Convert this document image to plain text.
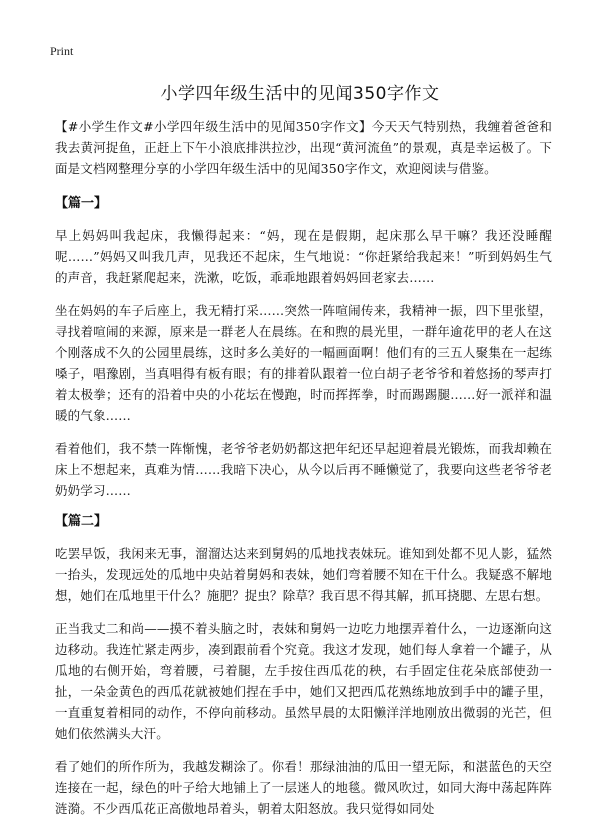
Print
小学四年级生活中的见闻350字作文

【#小学生作文#小学四年级生活中的见闻350字作文】今天天气特别热，我缠着爸爸和我去黄河捉鱼，正赶上下午小浪底排洪拉沙，出现“黄河流鱼”的景观，真是幸运极了。下面是文档网整理分享的小学四年级生活中的见闻350字作文，欢迎阅读与借鉴。

【篇一】

早上妈妈叫我起床，我懒得起来：“妈，现在是假期，起床那么早干嘛？我还没睡醒呢……”妈妈又叫我几声，见我还不起床，生气地说：“你赶紧给我起来！”听到妈妈生气的声音，我赶紧爬起来，洗漱，吃饭，乖乖地跟着妈妈回老家去……

坐在妈妈的车子后座上，我无精打采……突然一阵喧闹传来，我精神一振，四下里张望，寻找着喧闹的来源，原来是一群老人在晨练。在和煦的晨光里，一群年逾花甲的老人在这个刚落成不久的公园里晨练，这时多么美好的一幅画面啊！他们有的三五人聚集在一起练嗓子，唱豫剧，当真唱得有板有眼；有的排着队跟着一位白胡子老爷爷和着悠扬的琴声打着太极拳；还有的沿着中央的小花坛在慢跑，时而挥挥拳，时而踢踢腿……好一派祥和温暖的气象……

看着他们，我不禁一阵惭愧，老爷爷老奶奶都这把年纪还早起迎着晨光锻炼，而我却赖在床上不想起来，真难为情……我暗下决心，从今以后再不睡懒觉了，我要向这些老爷爷老奶奶学习……

【篇二】

吃罢早饭，我闲来无事，溜溜达达来到舅妈的瓜地找表妹玩。谁知到处都不见人影，猛然一抬头，发现远处的瓜地中央站着舅妈和表妹，她们弯着腰不知在干什么。我疑惑不解地想，她们在瓜地里干什么？施肥？捉虫？除草？我百思不得其解，抓耳挠腮、左思右想。

正当我丈二和尚——摸不着头脑之时，表妹和舅妈一边吃力地摆弄着什么，一边逐渐向这边移动。我连忙紧走两步，凑到跟前看个究竟。我这才发现，她们每人拿着一个罐子，从瓜地的右侧开始，弯着腰，弓着腿，左手按住西瓜花的秧，右手固定住花朵底部使劲一扯，一朵金黄色的西瓜花就被她们捏在手中，她们又把西瓜花熟练地放到手中的罐子里，一直重复着相同的动作，不停向前移动。虽然早晨的太阳懒洋洋地刚放出微弱的光芒，但她们依然满头大汗。

看了她们的所作所为，我越发糊涂了。你看！那绿油油的瓜田一望无际，和湛蓝色的天空连接在一起，绿色的叶子给大地铺上了一层迷人的地毯。微风吹过，如同大海中荡起阵阵涟漪。不少西瓜花正高傲地昂着头，朝着太阳怒放。我只觉得如同处
